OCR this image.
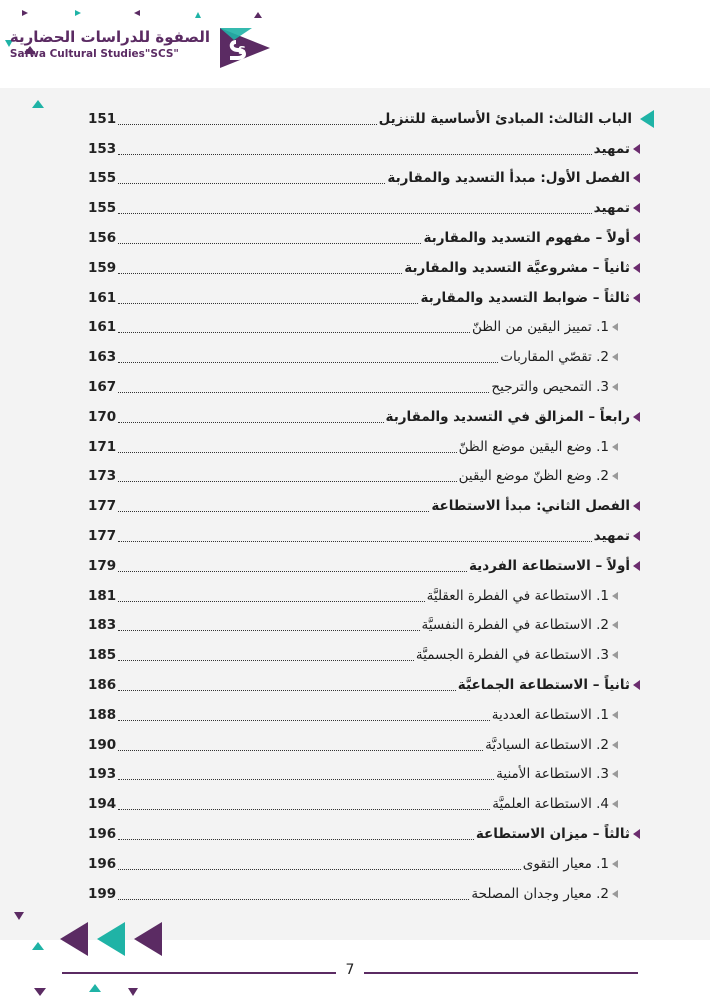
الصفوة للدراسات الحضارية
Safwa Cultural Studies"SCS"	S
الباب الثالث: المبادئ الأساسية للتنزيل
151
تمهيد
153
الفصل الأول: مبدأ التسديد والمقاربة
155
تمهيد
155
أولاً – مفهوم التسديد والمقاربة
156
ثانياً – مشروعيَّة التسديد والمقاربة
159
ثالثاً – ضوابط التسديد والمقاربة
161
1. تمييز اليقين من الظنّ
161
2. تقصّي المقاربات
163
3. التمحيص والترجيح
167
رابعاً – المزالق في التسديد والمقاربة
170
1. وضع اليقين موضع الظنّ
171
2. وضع الظنّ موضع اليقين
173
الفصل الثاني: مبدأ الاستطاعة
177
تمهيد
177
أولاً – الاستطاعة الفردية
179
1. الاستطاعة في الفطرة العقليَّة
181
2. الاستطاعة في الفطرة النفسيَّة
183
3. الاستطاعة في الفطرة الجسميَّة
185
ثانياً – الاستطاعة الجماعيَّة
186
1. الاستطاعة العددية
188
2. الاستطاعة السياديَّة
190
3. الاستطاعة الأمنية
193
4. الاستطاعة العلميَّة
194
ثالثاً – ميزان الاستطاعة
196
1. معيار التقوى
196
2. معيار وجدان المصلحة
199
7
